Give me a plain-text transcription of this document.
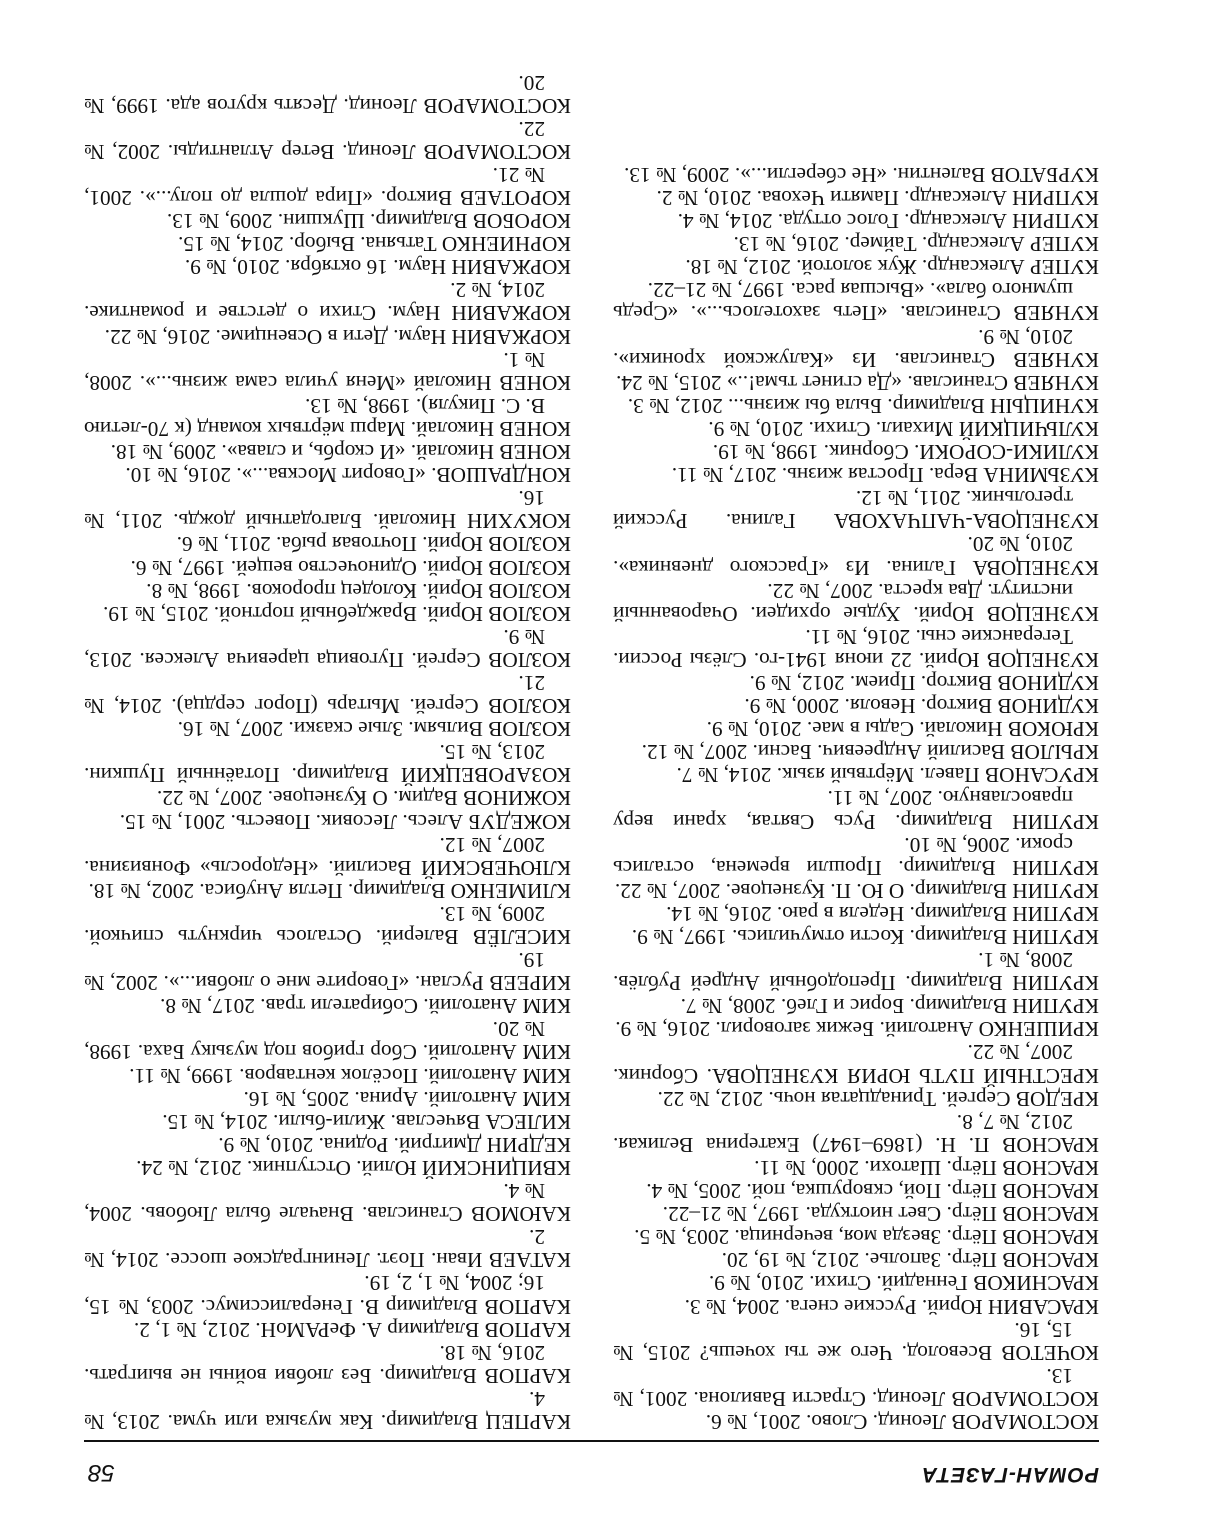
РОМАН-ГАЗЕТА
58

КОСТОМАРОВ Леонид. Слово. 2001, № 6.

КОСТОМАРОВ Леонид. Страсти Вавилона. 2001, № 13.

КОЧЕТОВ Всеволод. Чего же ты хочешь? 2015, № 15, 16.

КРАСАВИН Юрий. Русские снега. 2004, № 3.

КРАСНИКОВ Геннадий. Стихи. 2010, № 9.

КРАСНОВ Пётр. Заполье. 2012, № 19, 20.

КРАСНОВ Пётр. Звезда моя, вечерница. 2003, № 5.

КРАСНОВ Пётр. Свет ниоткуда. 1997, № 21–22.

КРАСНОВ Пётр. Пой, скворушка, пой. 2005, № 4.

КРАСНОВ Пётр. Шатохи. 2000, № 11.

КРАСНОВ П. Н. (1869–1947) Екатерина Великая. 2012, № 7, 8.

КРЕДОВ Сергей. Тринадцатая ночь. 2012, № 22.

КРЕСТНЫЙ ПУТЬ ЮРИЯ КУЗНЕЦОВА. Сборник. 2007, № 22.

КРИШЕНКО Анатолий. Бежик заговорил. 2016, № 9.

КРУПИН Владимир. Борис и Глеб. 2008, № 7.

КРУПИН Владимир. Преподобный Андрей Рублёв. 2008, № 1.

КРУПИН Владимир. Кости отмучились. 1997, № 9.

КРУПИН Владимир. Неделя в раю. 2016, № 14.

КРУПИН Владимир. О Ю. П. Кузнецове. 2007, № 22.

КРУПИН Владимир. Прошли времена, остались сроки. 2006, № 10.

КРУПИН Владимир. Русь Святая, храни веру православную. 2007, № 11.

КРУСАНОВ Павел. Мёртвый язык. 2014, № 7.

КРЫЛОВ Василий Андреевич. Басни. 2007, № 12.

КРЮКОВ Николай. Сады в мае. 2010, № 9.

КУДИНОВ Виктор. Неволя. 2000, № 9.

КУДИНОВ Виктор. Прием. 2012, № 9.

КУЗНЕЦОВ Юрий. 22 июня 1941-го. Слёзы России. Тегеранские сны. 2016, № 11.

КУЗНЕЦОВ Юрий. Худые орхидеи. Очарованный институт. Два креста. 2007, № 22.

КУЗНЕЦОВА Галина. Из «Грасского дневника». 2010, № 20.

КУЗНЕЦОВА-ЧАПЧАХОВА Галина. Русский трегольник. 2011, № 12.

КУЗЬМИНА Вера. Простая жизнь. 2017, № 11.

КУЛИКИ-СОРОКИ. Сборник. 1998, № 19.

КУЛЬЧИЦКИЙ Михаил. Стихи. 2010, № 9.

КУНИЦЫН Владимир. Была бы жизнь... 2012, № 3.

КУНЯЕВ Станислав. «Да сгинет тьма!..» 2015, № 24.

КУНЯЕВ Станислав. Из «Калужской хроники». 2010, № 9.

КУНЯЕВ Станислав. «Петь захотелось...». «Средь шумного бала». «Высшая раса. 1997, № 21–22.

КУПЕР Александр. Жук золотой. 2012, № 18.

КУПЕР Александр. Таймер. 2016, № 13.

КУПРИН Александр. Голос оттуда. 2014, № 4.

КУПРИН Александр. Памяти Чехова. 2010, № 2.

КУРБАТОВ Валентин. «Не сберегли...». 2009, № 13.

КАРПЕЦ Владимир. Как музыка или чума. 2013, № 4.

КАРПОВ Владимир. Без любви войны не выиграть. 2016, № 18.

КАРПОВ Владимир А. ФеРАМоН. 2012, № 1, 2.

КАРПОВ Владимир В. Генералиссимус. 2003, № 15, 16; 2004, № 1, 2, 19.

КАТАЕВ Иван. Поэт. Ленинградское шоссе. 2014, № 2.

КАЮМОВ Станислав. Вначале была Любовь. 2004, № 4.

КВИЦИНСКИЙ Юлий. Отступник. 2012, № 24.

КЕДРИН Дмитрий. Родина. 2010, № 9.

КИЛЕСА Вячеслав. Жили-были. 2014, № 15.

КИМ Анатолий. Арина. 2005, № 16.

КИМ Анатолий. Посёлок кентавров. 1999, № 11.

КИМ Анатолий. Сбор грибов под музыку Баха. 1998, № 20.

КИМ Анатолий. Собиратели трав. 2017, № 8.

КИРЕЕВ Руслан. «Говорите мне о любви...». 2002, № 19.

КИСЕЛЁВ Валерий. Осталось чиркнуть спичкой. 2009, № 13.

КЛИМЕНКО Владимир. Петля Анубиса. 2002, № 18.

КЛЮЧЕВСКИЙ Василий. «Недоросль» Фонвизина. 2007, № 12.

КОЖЕДУБ Алесь. Лесовик. Повесть. 2001, № 15.

КОЖИНОВ Вадим. О Кузнецове. 2007, № 22.

КОЗАРОВЕЦКИЙ Владимир. Потаённый Пушкин. 2013, № 15.

КОЗЛОВ Вильям. Злые сказки. 2007, № 16.

КОЗЛОВ Сергей. Мытарь (Порог сердца). 2014, № 21.

КОЗЛОВ Сергей. Пуговица царевича Алексея. 2013, № 9.

КОЗЛОВ Юрий. Враждебный портной. 2015, № 19.

КОЗЛОВ Юрий. Колодец пророков. 1998, № 8.

КОЗЛОВ Юрий. Одиночество вещей. 1997, № 6.

КОЗЛОВ Юрий. Почтовая рыба. 2011, № 6.

КОКУХИН Николай. Благодатный дождь. 2011, № 16.

КОНДРАШОВ. «Говорит Москва...». 2016, № 10.

КОНЕВ Николай. «И скорбь, и слава». 2009, № 18.

КОНЕВ Николай. Марш мёртвых команд (к 70-летию В. С. Пикуля). 1998, № 13.

КОНЕВ Николай «Меня учила сама жизнь...». 2008, № 1.

КОРЖАВИН Наум. Дети в Освенциме. 2016, № 22.

КОРЖАВИН Наум. Стихи о детстве и романтике. 2014, № 2.

КОРЖАВИН Наум. 16 октября. 2010, № 9.

КОРНИЕНКО Татьяна. Выбор. 2014, № 15.

КОРОБОВ Владимир. Шукшин. 2009, № 13.

КОРОТАЕВ Виктор. «Пира дошла до полу...». 2001, № 21.

КОСТОМАРОВ Леонид. Ветер Атлантиды. 2002, № 22.

КОСТОМАРОВ Леонид. Десять кругов ада. 1999, № 20.
